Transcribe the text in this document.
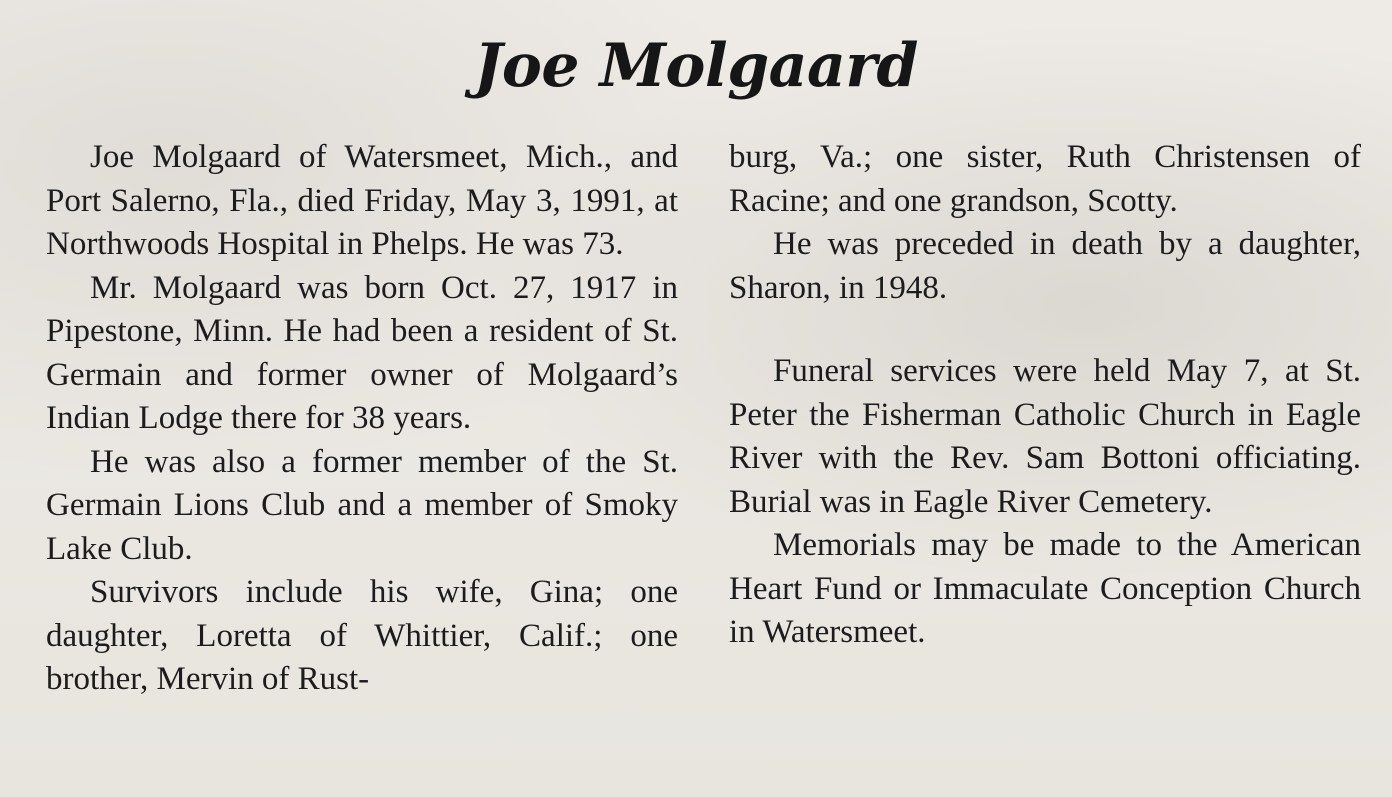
Joe Molgaard

Joe Molgaard of Watersmeet, Mich., and Port Salerno, Fla., died Friday, May 3, 1991, at Northwoods Hospital in Phelps. He was 73.

Mr. Molgaard was born Oct. 27, 1917 in Pipestone, Minn. He had been a resident of St. Germain and former owner of Molgaard’s Indian Lodge there for 38 years.

He was also a former member of the St. Germain Lions Club and a member of Smoky Lake Club.

Survivors include his wife, Gina; one daughter, Loretta of Whittier, Calif.; one brother, Mervin of Rust-

burg, Va.; one sister, Ruth Christensen of Racine; and one grandson, Scotty.

He was preceded in death by a daughter, Sharon, in 1948.

Funeral services were held May 7, at St. Peter the Fisherman Catholic Church in Eagle River with the Rev. Sam Bottoni officiating. Burial was in Eagle River Cemetery.

Memorials may be made to the American Heart Fund or Immaculate Conception Church in Watersmeet.
